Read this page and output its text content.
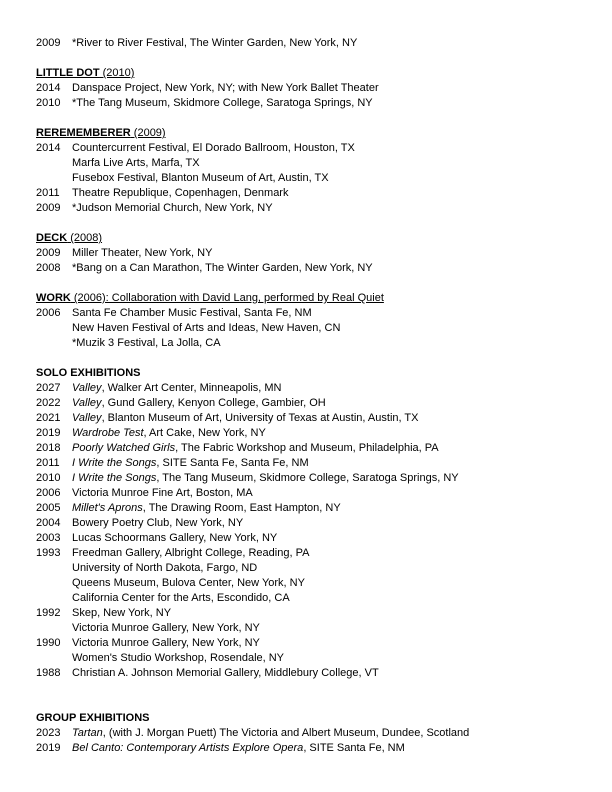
2009	*River to River Festival, The Winter Garden, New York, NY
LITTLE DOT (2010)
2014	Danspace Project, New York, NY; with New York Ballet Theater
2010	*The Tang Museum, Skidmore College, Saratoga Springs, NY
REREMEMBERER (2009)
2014	Countercurrent Festival, El Dorado Ballroom, Houston, TX
Marfa Live Arts, Marfa, TX
Fusebox Festival, Blanton Museum of Art, Austin, TX
2011	Theatre Republique, Copenhagen, Denmark
2009	*Judson Memorial Church, New York, NY
DECK (2008)
2009	Miller Theater, New York, NY
2008	*Bang on a Can Marathon, The Winter Garden, New York, NY
WORK (2006): Collaboration with David Lang, performed by Real Quiet
2006	Santa Fe Chamber Music Festival, Santa Fe, NM
New Haven Festival of Arts and Ideas, New Haven, CN
*Muzik 3 Festival, La Jolla, CA
SOLO EXHIBITIONS
2027	Valley, Walker Art Center, Minneapolis, MN
2022	Valley, Gund Gallery, Kenyon College, Gambier, OH
2021	Valley, Blanton Museum of Art, University of Texas at Austin, Austin, TX
2019	Wardrobe Test, Art Cake, New York, NY
2018	Poorly Watched Girls, The Fabric Workshop and Museum, Philadelphia, PA
2011	I Write the Songs, SITE Santa Fe, Santa Fe, NM
2010	I Write the Songs, The Tang Museum, Skidmore College, Saratoga Springs, NY
2006	Victoria Munroe Fine Art, Boston, MA
2005	Millet's Aprons, The Drawing Room, East Hampton, NY
2004	Bowery Poetry Club, New York, NY
2003	Lucas Schoormans Gallery, New York, NY
1993	Freedman Gallery, Albright College, Reading, PA
University of North Dakota, Fargo, ND
Queens Museum, Bulova Center, New York, NY
California Center for the Arts, Escondido, CA
1992	Skep, New York, NY
Victoria Munroe Gallery, New York, NY
1990	Victoria Munroe Gallery, New York, NY
Women's Studio Workshop, Rosendale, NY
1988	Christian A. Johnson Memorial Gallery, Middlebury College, VT
GROUP EXHIBITIONS
2023	Tartan, (with J. Morgan Puett) The Victoria and Albert Museum, Dundee, Scotland
2019	Bel Canto: Contemporary Artists Explore Opera, SITE Santa Fe, NM
